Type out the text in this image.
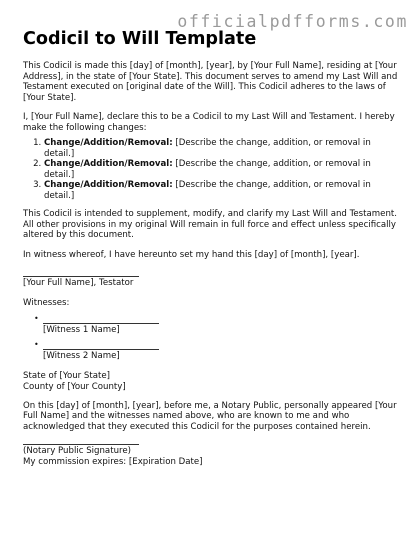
officialpdfforms.com
Codicil to Will Template

This Codicil is made this [day] of [month], [year], by [Your Full Name], residing at [Your Address], in the state of [Your State]. This document serves to amend my Last Will and Testament executed on [original date of the Will]. This Codicil adheres to the laws of [Your State].

I, [Your Full Name], declare this to be a Codicil to my Last Will and Testament. I hereby make the following changes:

1. Change/Addition/Removal: [Describe the change, addition, or removal in detail.]
2. Change/Addition/Removal: [Describe the change, addition, or removal in detail.]
3. Change/Addition/Removal: [Describe the change, addition, or removal in detail.]

This Codicil is intended to supplement, modify, and clarify my Last Will and Testament. All other provisions in my original Will remain in full force and effect unless specifically altered by this document.

In witness whereof, I have hereunto set my hand this [day] of [month], [year].

[Your Full Name], Testator
Witnesses:
•
[Witness 1 Name]
•
[Witness 2 Name]

State of [Your State]

County of [Your County]

On this [day] of [month], [year], before me, a Notary Public, personally appeared [Your Full Name] and the witnesses named above, who are known to me and who acknowledged that they executed this Codicil for the purposes contained herein.

(Notary Public Signature)
My commission expires: [Expiration Date]
